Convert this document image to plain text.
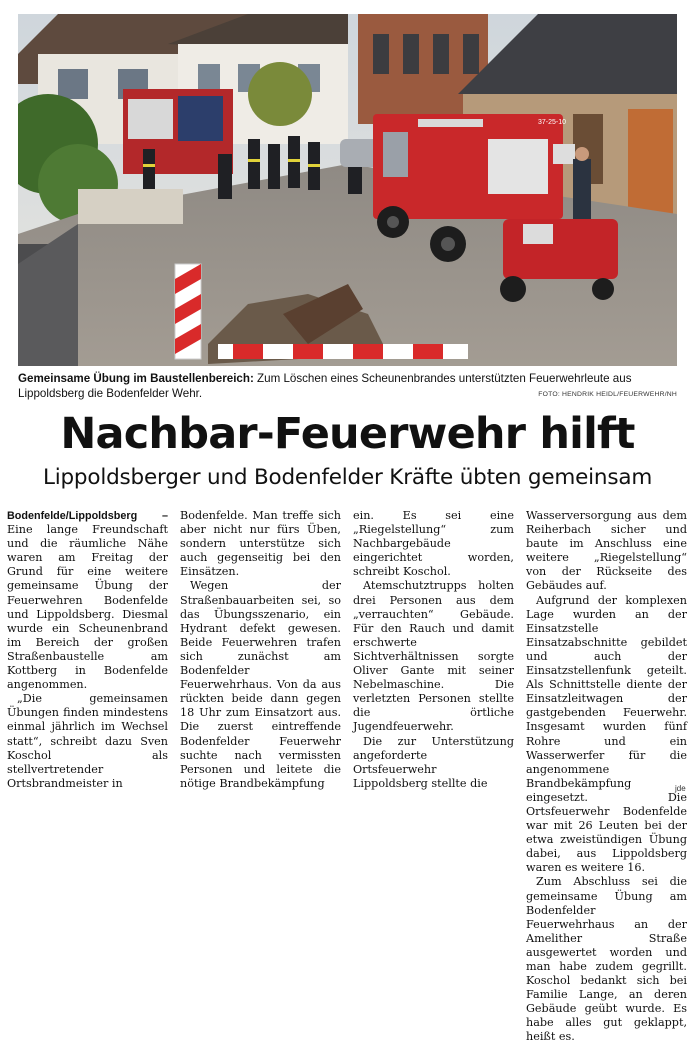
37-25-10
Gemeinsame Übung im Baustellenbereich: Zum Löschen eines Scheunenbrandes unterstützten Feuerwehrleute aus Lippoldsberg die Bodenfelder Wehr.	FOTO: HENDRIK HEIDL/FEUERWEHR/NH
Nachbar-Feuerwehr hilft
Lippoldsberger und Bodenfelder Kräfte übten gemeinsam

Bodenfelde/Lippoldsberg – Eine lange Freundschaft und die räumliche Nähe waren am Freitag der Grund für eine weitere gemeinsame Übung der Feuerwehren Bodenfelde und Lippoldsberg. Diesmal wurde ein Scheunenbrand im Bereich der großen Straßenbaustelle am Kottberg in Bodenfelde angenommen.

„Die gemeinsamen Übungen finden mindestens einmal jährlich im Wechsel statt“, schreibt dazu Sven Koschol als stellvertretender Ortsbrandmeister in

Bodenfelde. Man treffe sich aber nicht nur fürs Üben, sondern unterstütze sich auch gegenseitig bei den Einsätzen.

Wegen der Straßenbauarbeiten sei, so das Übungsszenario, ein Hydrant defekt gewesen. Beide Feuerwehren trafen sich zunächst am Bodenfelder Feuerwehrhaus. Von da aus rückten beide dann gegen 18 Uhr zum Einsatzort aus. Die zuerst eintreffende Bodenfelder Feuerwehr suchte nach vermissten Personen und leitete die nötige Brandbekämpfung

ein. Es sei eine „Riegelstellung“ zum Nachbargebäude eingerichtet worden, schreibt Koschol.

Atemschutztrupps holten drei Personen aus dem „verrauchten“ Gebäude. Für den Rauch und damit erschwerte Sichtverhältnissen sorgte Oliver Gante mit seiner Nebelmaschine. Die verletzten Personen stellte die örtliche Jugendfeuerwehr.

Die zur Unterstützung angeforderte Ortsfeuerwehr Lippoldsberg stellte die

Wasserversorgung aus dem Reiherbach sicher und baute im Anschluss eine weitere „Riegelstellung“ von der Rückseite des Gebäudes auf.

Aufgrund der komplexen Lage wurden an der Einsatzstelle Einsatzabschnitte gebildet und auch der Einsatzstellenfunk geteilt. Als Schnittstelle diente der Einsatzleitwagen der gastgebenden Feuerwehr. Insgesamt wurden fünf Rohre und ein Wasserwerfer für die angenommene Brandbekämpfung eingesetzt. Die Ortsfeuerwehr Bodenfelde war mit 26 Leuten bei der etwa zweistündigen Übung dabei, aus Lippoldsberg waren es weitere 16.

Zum Abschluss sei die gemeinsame Übung am Bodenfelder Feuerwehrhaus an der Amelither Straße ausgewertet worden und man habe zudem gegrillt. Koschol bedankt sich bei Familie Lange, an deren Gebäude geübt wurde. Es habe alles gut geklappt, heißt es.

jde
